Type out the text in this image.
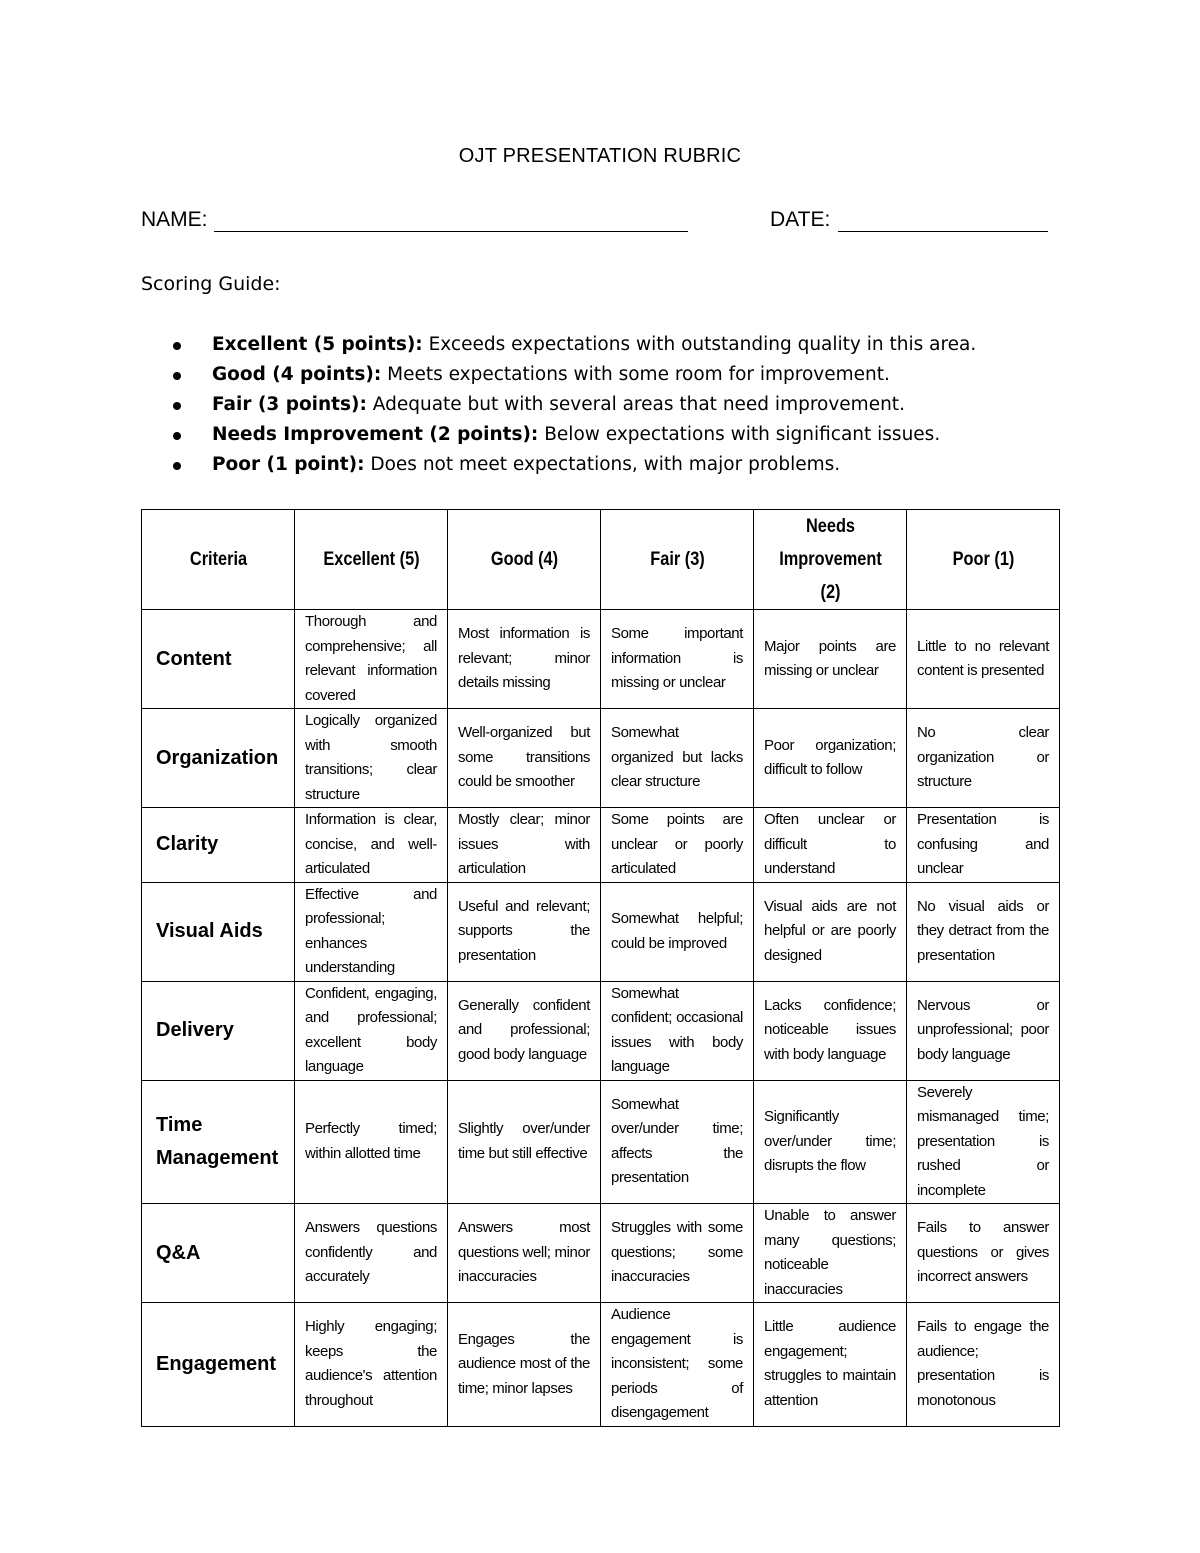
OJT PRESENTATION RUBRIC
NAME:	DATE:
Scoring Guide:
Excellent (5 points): Exceeds expectations with outstanding quality in this area.
Good (4 points): Meets expectations with some room for improvement.
Fair (3 points): Adequate but with several areas that need improvement.
Needs Improvement (2 points): Below expectations with significant issues.
Poor (1 point): Does not meet expectations, with major problems.
Criteria	Excellent (5)	Good (4)	Fair (3)	Needs Improvement (2)	Poor (1)
Content	Thorough and comprehensive; all relevant information covered	Most information is relevant; minor details missing	Some important information is missing or unclear	Major points are missing or unclear	Little to no relevant content is presented

Organization	Logically organized with smooth transitions; clear structure	Well-organized but some transitions could be smoother	Somewhat organized but lacks clear structure	Poor organization; difficult to follow	No clear organization or structure

Clarity	Information is clear, concise, and well-articulated	Mostly clear; minor issues with articulation	Some points are unclear or poorly articulated	Often unclear or difficult to understand	Presentation is confusing and unclear

Visual Aids	Effective and professional; enhances understanding	Useful and relevant; supports the presentation	Somewhat helpful; could be improved	Visual aids are not helpful or are poorly designed	No visual aids or they detract from the presentation

Delivery	Confident, engaging, and professional; excellent body language	Generally confident and professional; good body language	Somewhat confident; occasional issues with body language	Lacks confidence; noticeable issues with body language	Nervous or unprofessional; poor body language

Time Management	Perfectly timed; within allotted time	Slightly over/under time but still effective	Somewhat over/under time; affects the presentation	Significantly over/under time; disrupts the flow	Severely mismanaged time; presentation is rushed or incomplete

Q&A	Answers questions confidently and accurately	Answers most questions well; minor inaccuracies	Struggles with some questions; some inaccuracies	Unable to answer many questions; noticeable inaccuracies	Fails to answer questions or gives incorrect answers

Engagement	Highly engaging; keeps the audience's attention throughout	Engages the audience most of the time; minor lapses	Audience engagement is inconsistent; some periods of disengagement	Little audience engagement; struggles to maintain attention	Fails to engage the audience; presentation is monotonous
